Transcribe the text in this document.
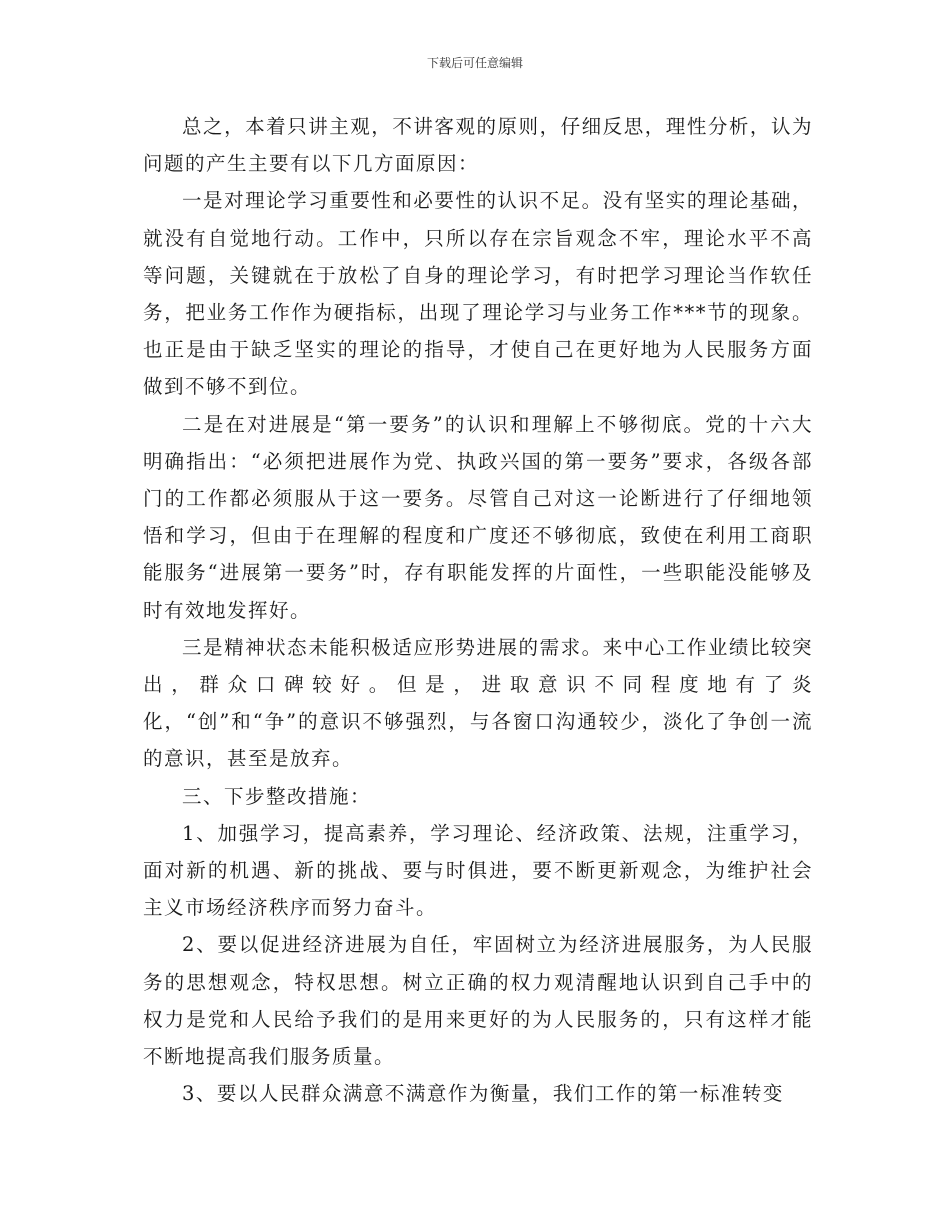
下载后可任意编辑

总之，本着只讲主观，不讲客观的原则，仔细反思，理性分析，认为问题的产生主要有以下几方面原因：

一是对理论学习重要性和必要性的认识不足。没有坚实的理论基础，就没有自觉地行动。工作中，只所以存在宗旨观念不牢，理论水平不高等问题，关键就在于放松了自身的理论学习，有时把学习理论当作软任务，把业务工作作为硬指标，出现了理论学习与业务工作***节的现象。也正是由于缺乏坚实的理论的指导，才使自己在更好地为人民服务方面做到不够不到位。

二是在对进展是“第一要务”的认识和理解上不够彻底。党的十六大明确指出：“必须把进展作为党、执政兴国的第一要务”要求，各级各部门的工作都必须服从于这一要务。尽管自己对这一论断进行了仔细地领悟和学习，但由于在理解的程度和广度还不够彻底，致使在利用工商职能服务“进展第一要务”时，存有职能发挥的片面性，一些职能没能够及时有效地发挥好。

三是精神状态未能积极适应形势进展的需求。来中心工作业绩比较突出，群众口碑较好。但是，进取意识不同程度地有了炎化，“创”和“争”的意识不够强烈，与各窗口沟通较少，淡化了争创一流的意识，甚至是放弃。

三、下步整改措施：

1、加强学习，提高素养，学习理论、经济政策、法规，注重学习，面对新的机遇、新的挑战、要与时俱进，要不断更新观念，为维护社会主义市场经济秩序而努力奋斗。

2、要以促进经济进展为自任，牢固树立为经济进展服务，为人民服务的思想观念，特权思想。树立正确的权力观清醒地认识到自己手中的权力是党和人民给予我们的是用来更好的为人民服务的，只有这样才能不断地提高我们服务质量。

3、要以人民群众满意不满意作为衡量，我们工作的第一标准转变
